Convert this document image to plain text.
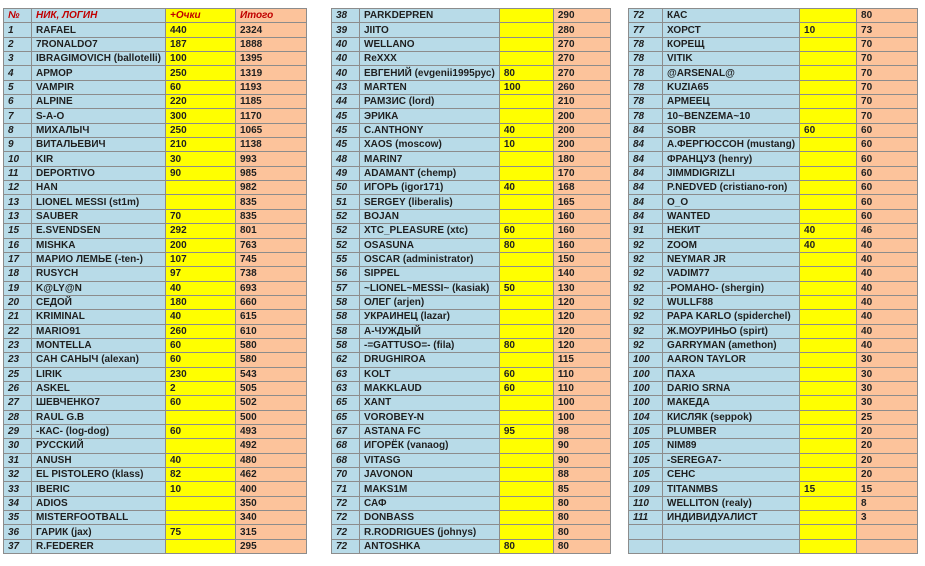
№	НИК, ЛОГИН	+Очки	Итого
1	RAFAEL	440	2324
2	7RONALDO7	187	1888
3	IBRAGIMOVICH (ballotelli)	100	1395
4	АРМОР	250	1319
5	VAMPIR	60	1193
6	ALPINE	220	1185
7	S-A-O	300	1170
8	МИХАЛЫЧ	250	1065
9	ВИТАЛЬЕВИЧ	210	1138
10	KIR	30	993
11	DEPORTIVO	90	985
12	HAN		982
13	LIONEL MESSI (st1m)		835
13	SAUBER	70	835
15	E.SVENDSEN	292	801
16	MISHKA	200	763
17	МАРИО ЛЕМЬЕ (-ten-)	107	745
18	RUSYCH	97	738
19	K@LY@N	40	693
20	СЕДОЙ	180	660
21	KRIMINAL	40	615
22	MARIO91	260	610
23	MONTELLA	60	580
23	САН САНЫЧ (alexan)	60	580
25	LIRIK	230	543
26	ASKEL	2	505
27	ШЕВЧЕНКО7	60	502
28	RAUL G.B		500
29	-КАС- (log-dog)	60	493
30	РУССКИЙ		492
31	ANUSH	40	480
32	EL PISTOLERO (klass)	82	462
33	IBERIC	10	400
34	ADIOS		350
35	MISTERFOOTBALL		340
36	ГАРИК (jax)	75	315
37	R.FEDERER		295
38	PARKDEPREN		290
39	JIITO		280
40	WELLANO		270
40	ReXXX		270
40	ЕВГЕНИЙ (evgenii1995рус)	80	270
43	MARTEN	100	260
44	РАМЗИС (lord)		210
45	ЭРИКА		200
45	C.ANTHONY	40	200
45	XAOS (moscow)	10	200
48	MARIN7		180
49	ADAMANT (chemp)		170
50	ИГОРЬ (igor171)	40	168
51	SERGEY (liberalis)		165
52	BOJAN		160
52	XTC_PLEASURE (xtc)	60	160
52	OSASUNA	80	160
55	OSCAR (administrator)		150
56	SIPPEL		140
57	~LIONEL~MESSI~ (kasiak)	50	130
58	ОЛЕГ (arjen)		120
58	УКРАИНЕЦ (lazar)		120
58	А-ЧУЖДЫЙ		120
58	-=GATTUSO=- (fila)	80	120
62	DRUGHIROA		115
63	KOLT	60	110
63	MAKKLAUD	60	110
65	XANT		100
65	VOROBEY-N		100
67	ASTANA FC	95	98
68	ИГОРЁК (vanaog)		90
68	VITASG		90
70	JAVONON		88
71	MAKS1M		85
72	САФ		80
72	DONBASS		80
72	R.RODRIGUES (johnys)		80
72	ANTOSHKA	80	80
72	КАС		80
77	ХОРСТ	10	73
78	КОРЕЩ		70
78	VITIK		70
78	@ARSENAL@		70
78	KUZIA65		70
78	АРМЕЕЦ		70
78	10~BENZEMA~10		70
84	SOBR	60	60
84	А.ФЕРГЮССОН (mustang)		60
84	ФРАНЦУЗ (henry)		60
84	JIMMDIGRIZLI		60
84	P.NEDVED (cristiano-ron)		60
84	O_O		60
84	WANTED		60
91	НЕКИТ	40	46
92	ZOOM	40	40
92	NEYMAR JR		40
92	VADIM77		40
92	-РОМАНО- (shergin)		40
92	WULLF88		40
92	PAPA KARLO (spiderchel)		40
92	Ж.МОУРИНЬО (spirt)		40
92	GARRYMAN (amethon)		40
100	AARON TAYLOR		30
100	ПАХА		30
100	DARIO SRNA		30
100	МАКЕДА		30
104	КИСЛЯК (seppok)		25
105	PLUMBER		20
105	NIM89		20
105	-SEREGA7-		20
105	СЕНС		20
109	TITANMBS	15	15
110	WELLITON (realy)		8
111	ИНДИВИДУАЛИСТ		3
